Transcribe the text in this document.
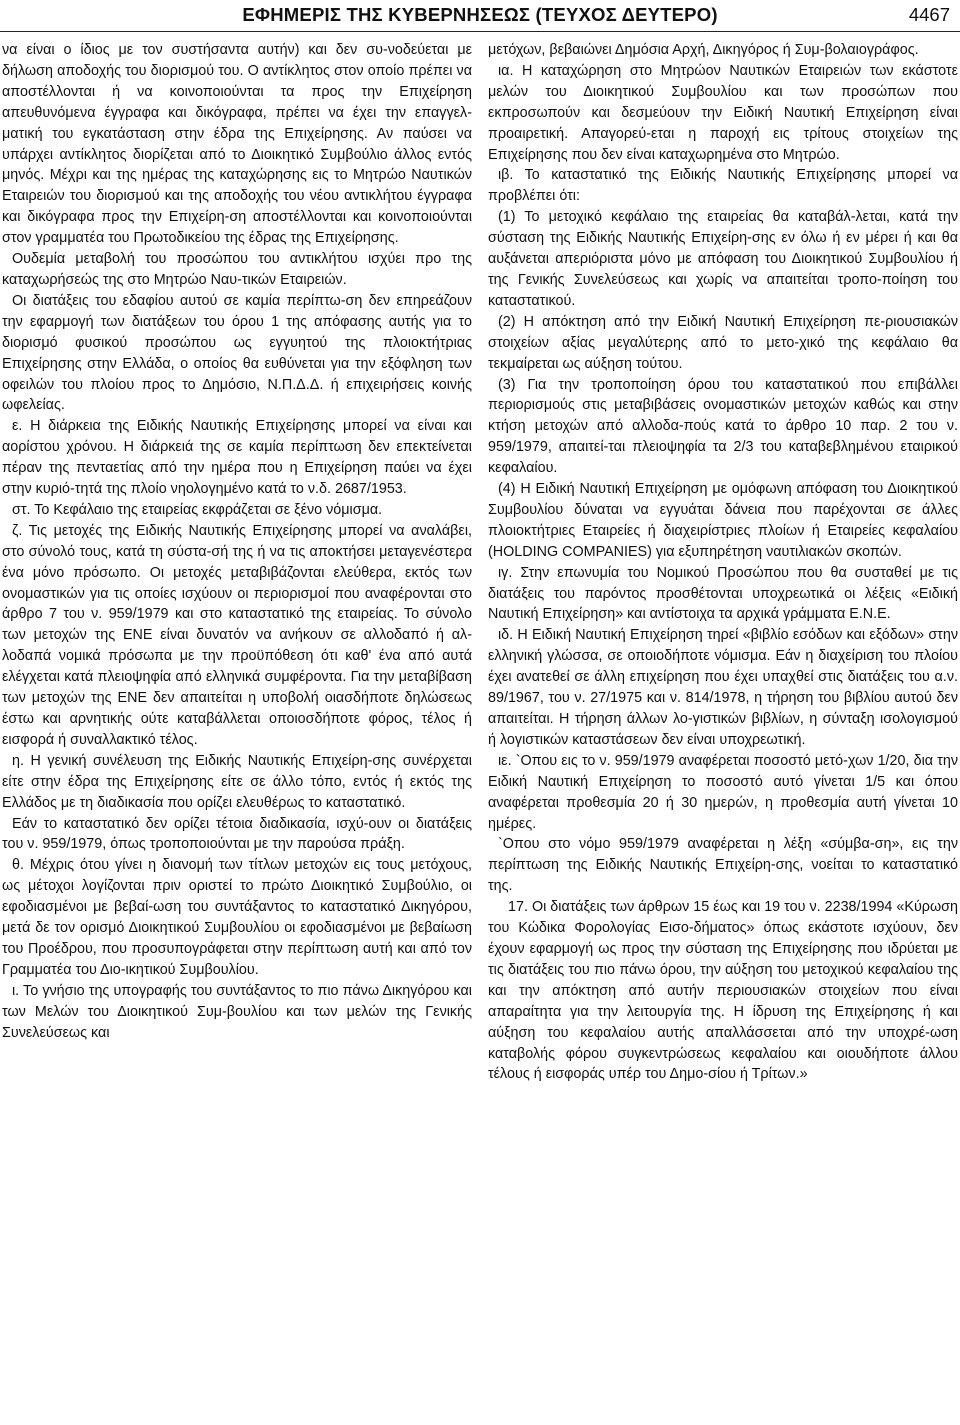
ΕΦΗΜΕΡΙΣ ΤΗΣ ΚΥΒΕΡΝΗΣΕΩΣ (ΤΕΥΧΟΣ ΔΕΥΤΕΡΟ)	4467

να είναι ο ίδιος με τον συστήσαντα αυτήν) και δεν συ-νοδεύεται με δήλωση αποδοχής του διορισμού του. Ο αντίκλητος στον οποίο πρέπει να αποστέλλονται ή να κοινοποιούνται τα προς την Επιχείρηση απευθυνόμενα έγγραφα και δικόγραφα, πρέπει να έχει την επαγγελ-ματική του εγκατάσταση στην έδρα της Επιχείρησης. Αν παύσει να υπάρχει αντίκλητος διορίζεται από το Διοικητικό Συμβούλιο άλλος εντός μηνός. Μέχρι και της ημέρας της καταχώρησης εις το Μητρώο Ναυτικών Εταιρειών του διορισμού και της αποδοχής του νέου αντικλήτου έγγραφα και δικόγραφα προς την Επιχείρη-ση αποστέλλονται και κοινοποιούνται στον γραμματέα του Πρωτοδικείου της έδρας της Επιχείρησης.

Ουδεμία μεταβολή του προσώπου του αντικλήτου ισχύει προ της καταχωρήσεώς της στο Μητρώο Ναυ-τικών Εταιρειών.

Οι διατάξεις του εδαφίου αυτού σε καμία περίπτω-ση δεν επηρεάζουν την εφαρμογή των διατάξεων του όρου 1 της απόφασης αυτής για το διορισμό φυσικού προσώπου ως εγγυητού της πλοιοκτήτριας Επιχείρησης στην Ελλάδα, ο οποίος θα ευθύνεται για την εξόφληση των οφειλών του πλοίου προς το Δημόσιο, Ν.Π.Δ.Δ. ή επιχειρήσεις κοινής ωφελείας.

ε. Η διάρκεια της Ειδικής Ναυτικής Επιχείρησης μπορεί να είναι και αορίστου χρόνου. Η διάρκειά της σε καμία περίπτωση δεν επεκτείνεται πέραν της πενταετίας από την ημέρα που η Επιχείρηση παύει να έχει στην κυριό-τητά της πλοίο νηολογημένο κατά το ν.δ. 2687/1953.

στ. Το Κεφάλαιο της εταιρείας εκφράζεται σε ξένο νόμισμα.

ζ. Τις μετοχές της Ειδικής Ναυτικής Επιχείρησης μπορεί να αναλάβει, στο σύνολό τους, κατά τη σύστα-σή της ή να τις αποκτήσει μεταγενέστερα ένα μόνο πρόσωπο. Οι μετοχές μεταβιβάζονται ελεύθερα, εκτός των ονομαστικών για τις οποίες ισχύουν οι περιορισμοί που αναφέρονται στο άρθρο 7 του ν. 959/1979 και στο καταστατικό της εταιρείας. Το σύνολο των μετοχών της ΕΝΕ είναι δυνατόν να ανήκουν σε αλλοδαπό ή αλ-λοδαπά νομικά πρόσωπα με την προϋπόθεση ότι καθ' ένα από αυτά ελέγχεται κατά πλειοψηφία από ελληνικά συμφέροντα. Για την μεταβίβαση των μετοχών της ΕΝΕ δεν απαιτείται η υποβολή οιασδήποτε δηλώσεως έστω και αρνητικής ούτε καταβάλλεται οποιοσδήποτε φόρος, τέλος ή εισφορά ή συναλλακτικό τέλος.

η. Η γενική συνέλευση της Ειδικής Ναυτικής Επιχείρη-σης συνέρχεται είτε στην έδρα της Επιχείρησης είτε σε άλλο τόπο, εντός ή εκτός της Ελλάδος με τη διαδικασία που ορίζει ελευθέρως το καταστατικό.

Εάν το καταστατικό δεν ορίζει τέτοια διαδικασία, ισχύ-ουν οι διατάξεις του ν. 959/1979, όπως τροποποιούνται με την παρούσα πράξη.

θ. Μέχρις ότου γίνει η διανομή των τίτλων μετοχών εις τους μετόχους, ως μέτοχοι λογίζονται πριν οριστεί το πρώτο Διοικητικό Συμβούλιο, οι εφοδιασμένοι με βεβαί-ωση του συντάξαντος το καταστατικό Δικηγόρου, μετά δε τον ορισμό Διοικητικού Συμβουλίου οι εφοδιασμένοι με βεβαίωση του Προέδρου, που προσυπογράφεται στην περίπτωση αυτή και από τον Γραμματέα του Διο-ικητικού Συμβουλίου.

ι. Το γνήσιο της υπογραφής του συντάξαντος το πιο πάνω Δικηγόρου και των Μελών του Διοικητικού Συμ-βουλίου και των μελών της Γενικής Συνελεύσεως και

μετόχων, βεβαιώνει Δημόσια Αρχή, Δικηγόρος ή Συμ-βολαιογράφος.

ια. Η καταχώρηση στο Μητρώον Ναυτικών Εταιρειών των εκάστοτε μελών του Διοικητικού Συμβουλίου και των προσώπων που εκπροσωπούν και δεσμεύουν την Ειδική Ναυτική Επιχείρηση είναι προαιρετική. Απαγορεύ-εται η παροχή εις τρίτους στοιχείων της Επιχείρησης που δεν είναι καταχωρημένα στο Μητρώο.

ιβ. Το καταστατικό της Ειδικής Ναυτικής Επιχείρησης μπορεί να προβλέπει ότι:

(1) Το μετοχικό κεφάλαιο της εταιρείας θα καταβάλ-λεται, κατά την σύσταση της Ειδικής Ναυτικής Επιχείρη-σης εν όλω ή εν μέρει ή και θα αυξάνεται απεριόριστα μόνο με απόφαση του Διοικητικού Συμβουλίου ή της Γενικής Συνελεύσεως και χωρίς να απαιτείται τροπο-ποίηση του καταστατικού.

(2) Η απόκτηση από την Ειδική Ναυτική Επιχείρηση πε-ριουσιακών στοιχείων αξίας μεγαλύτερης από το μετο-χικό της κεφάλαιο θα τεκμαίρεται ως αύξηση τούτου.

(3) Για την τροποποίηση όρου του καταστατικού που επιβάλλει περιορισμούς στις μεταβιβάσεις ονομαστικών μετοχών καθώς και στην κτήση μετοχών από αλλοδα-πούς κατά το άρθρο 10 παρ. 2 του ν. 959/1979, απαιτεί-ται πλειοψηφία τα 2/3 του καταβεβλημένου εταιρικού κεφαλαίου.

(4) Η Ειδική Ναυτική Επιχείρηση με ομόφωνη απόφαση του Διοικητικού Συμβουλίου δύναται να εγγυάται δάνεια που παρέχονται σε άλλες πλοιοκτήτριες Εταιρείες ή διαχειρίστριες πλοίων ή Εταιρείες κεφαλαίου (HOLDING COMPANIES) για εξυπηρέτηση ναυτιλιακών σκοπών.

ιγ. Στην επωνυμία του Νομικού Προσώπου που θα συσταθεί με τις διατάξεις του παρόντος προσθέτονται υποχρεωτικά οι λέξεις «Ειδική Ναυτική Επιχείρηση» και αντίστοιχα τα αρχικά γράμματα Ε.Ν.Ε.

ιδ. Η Ειδική Ναυτική Επιχείρηση τηρεί «βιβλίο εσόδων και εξόδων» στην ελληνική γλώσσα, σε οποιοδήποτε νόμισμα. Εάν η διαχείριση του πλοίου έχει ανατεθεί σε άλλη επιχείρηση που έχει υπαχθεί στις διατάξεις του α.ν. 89/1967, του ν. 27/1975 και ν. 814/1978, η τήρηση του βιβλίου αυτού δεν απαιτείται. Η τήρηση άλλων λο-γιστικών βιβλίων, η σύνταξη ισολογισμού ή λογιστικών καταστάσεων δεν είναι υποχρεωτική.

ιε. `Οπου εις το ν. 959/1979 αναφέρεται ποσοστό μετό-χων 1/20, δια την Ειδική Ναυτική Επιχείρηση το ποσοστό αυτό γίνεται 1/5 και όπου αναφέρεται προθεσμία 20 ή 30 ημερών, η προθεσμία αυτή γίνεται 10 ημέρες.

`Οπου στο νόμο 959/1979 αναφέρεται η λέξη «σύμβα-ση», εις την περίπτωση της Ειδικής Ναυτικής Επιχείρη-σης, νοείται το καταστατικό της.

17. Οι διατάξεις των άρθρων 15 έως και 19 του ν. 2238/1994 «Κύρωση του Κώδικα Φορολογίας Εισο-δήματος» όπως εκάστοτε ισχύουν, δεν έχουν εφαρμογή ως προς την σύσταση της Επιχείρησης που ιδρύεται με τις διατάξεις του πιο πάνω όρου, την αύξηση του μετοχικού κεφαλαίου της και την απόκτηση από αυτήν περιουσιακών στοιχείων που είναι απαραίτητα για την λειτουργία της. Η ίδρυση της Επιχείρησης ή και αύξηση του κεφαλαίου αυτής απαλλάσσεται από την υποχρέ-ωση καταβολής φόρου συγκεντρώσεως κεφαλαίου και οιουδήποτε άλλου τέλους ή εισφοράς υπέρ του Δημο-σίου ή Τρίτων.»
